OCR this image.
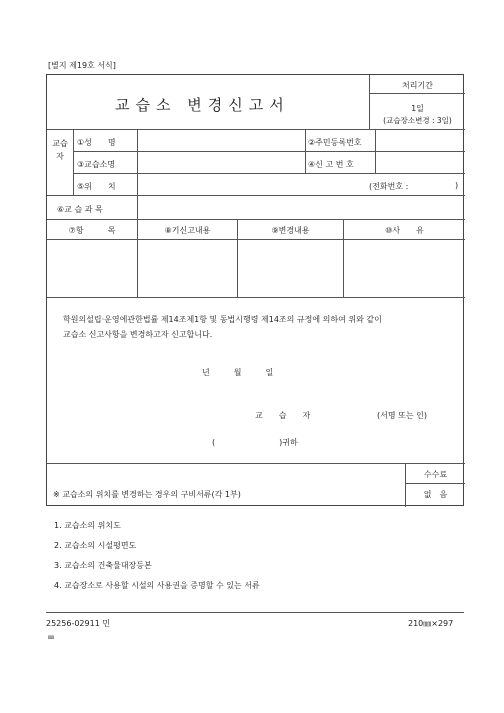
[별지 제19호 서식]
교습소 변경신고서
처리기간
1일
(교습장소변경 : 3일)
교습자
①성　　명	②주민등록번호
③교습소명	④신 고 번 호
⑤위　　치	(전화번호 :	)
⑥교 습 과 목
⑦항　　　목	⑧기신고내용	⑨변경내용	⑩사　　유
학원의설립·운영에관한법률 제14조제1항 및 동법시행령 제14조의 규정에 의하여 위와 같이
교습소 신고사항을 변경하고자 신고합니다.
년　　　월　　　일
교　　습　　자	(서명 또는 인)
(　　　　　　　　)귀하
수수료
없　음
※ 교습소의 위치를 변경하는 경우의 구비서류(각 1부)
1. 교습소의 위치도
2. 교습소의 시설평면도
3. 교습소의 건축물대장등본
4. 교습장소로 사용할 시설의 사용권을 증명할 수 있는 서류
25256-02911 민
㎜
210㎜×297
